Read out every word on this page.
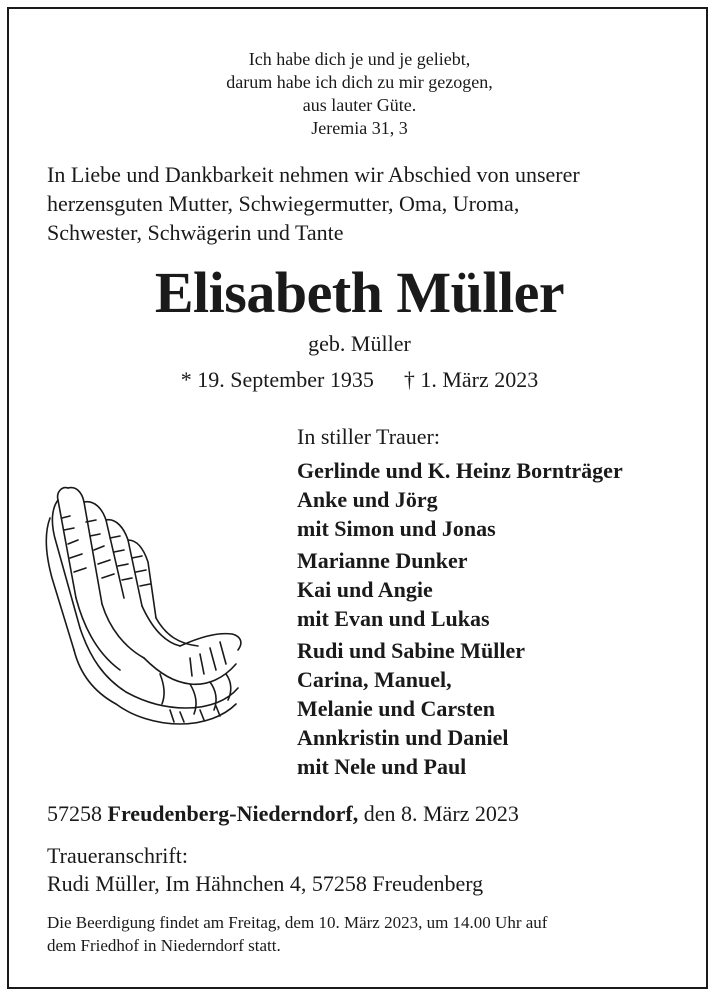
Ich habe dich je und je geliebt,
darum habe ich dich zu mir gezogen,
aus lauter Güte.
Jeremia 31, 3
In Liebe und Dankbarkeit nehmen wir Abschied von unserer
herzensguten Mutter, Schwiegermutter, Oma, Uroma,
Schwester, Schwägerin und Tante
Elisabeth Müller
geb. Müller
* 19. September 1935 † 1. März 2023
In stiller Trauer:
Gerlinde und K. Heinz Bornträger
Anke und Jörg
mit Simon und Jonas
Marianne Dunker
Kai und Angie
mit Evan und Lukas
Rudi und Sabine Müller
Carina, Manuel,
Melanie und Carsten
Annkristin und Daniel
mit Nele und Paul
57258 Freudenberg-Niederndorf, den 8. März 2023
Traueranschrift:
Rudi Müller, Im Hähnchen 4, 57258 Freudenberg
Die Beerdigung findet am Freitag, dem 10. März 2023, um 14.00 Uhr auf
dem Friedhof in Niederndorf statt.
